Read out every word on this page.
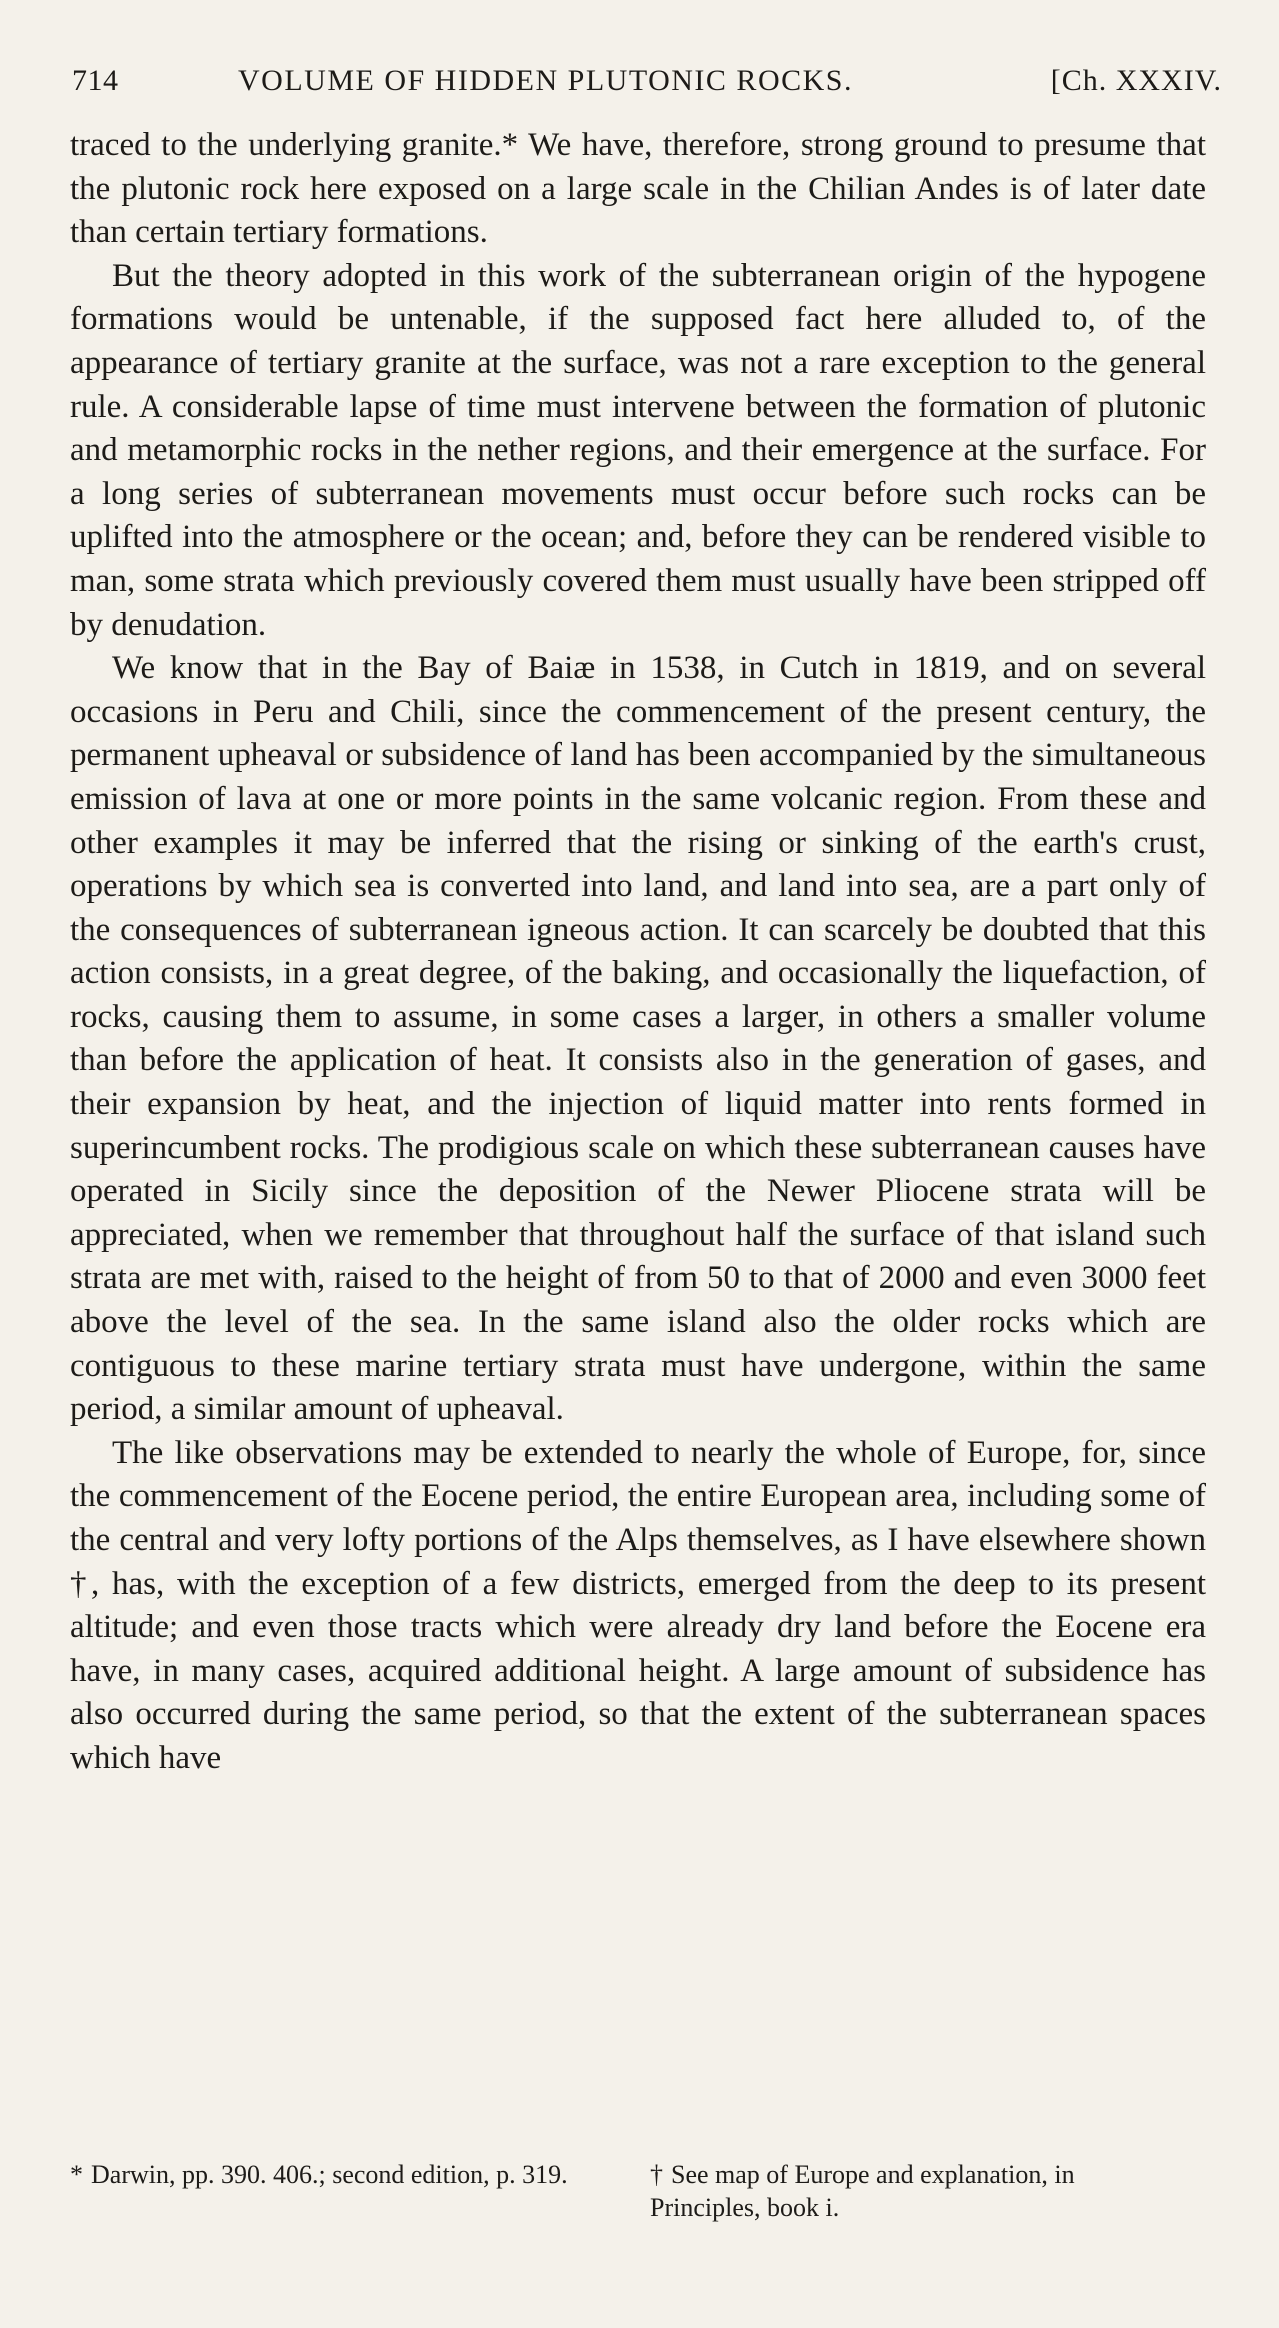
714	VOLUME OF HIDDEN PLUTONIC ROCKS.	[Ch. XXXIV.

traced to the underlying granite.* We have, therefore, strong ground to presume that the plutonic rock here exposed on a large scale in the Chilian Andes is of later date than certain tertiary formations.

But the theory adopted in this work of the subterranean origin of the hypogene formations would be untenable, if the supposed fact here alluded to, of the appearance of tertiary granite at the surface, was not a rare exception to the general rule. A considerable lapse of time must intervene between the formation of plutonic and metamorphic rocks in the nether regions, and their emergence at the surface. For a long series of subterranean movements must occur before such rocks can be uplifted into the atmosphere or the ocean; and, before they can be rendered visible to man, some strata which previously covered them must usually have been stripped off by denudation.

We know that in the Bay of Baiæ in 1538, in Cutch in 1819, and on several occasions in Peru and Chili, since the commencement of the present century, the permanent upheaval or subsidence of land has been accompanied by the simultaneous emission of lava at one or more points in the same volcanic region. From these and other examples it may be inferred that the rising or sinking of the earth's crust, operations by which sea is converted into land, and land into sea, are a part only of the consequences of subterranean igneous action. It can scarcely be doubted that this action consists, in a great degree, of the baking, and occasionally the liquefaction, of rocks, causing them to assume, in some cases a larger, in others a smaller volume than before the application of heat. It consists also in the generation of gases, and their expansion by heat, and the injection of liquid matter into rents formed in superincumbent rocks. The prodigious scale on which these subterranean causes have operated in Sicily since the deposition of the Newer Pliocene strata will be appreciated, when we remember that throughout half the surface of that island such strata are met with, raised to the height of from 50 to that of 2000 and even 3000 feet above the level of the sea. In the same island also the older rocks which are contiguous to these marine tertiary strata must have undergone, within the same period, a similar amount of upheaval.

The like observations may be extended to nearly the whole of Europe, for, since the commencement of the Eocene period, the entire European area, including some of the central and very lofty portions of the Alps themselves, as I have elsewhere shown †, has, with the exception of a few districts, emerged from the deep to its present altitude; and even those tracts which were already dry land before the Eocene era have, in many cases, acquired additional height. A large amount of subsidence has also occurred during the same period, so that the extent of the subterranean spaces which have

* Darwin, pp. 390. 406.; second edition, p. 319.	† See map of Europe and explanation, in Principles, book i.
